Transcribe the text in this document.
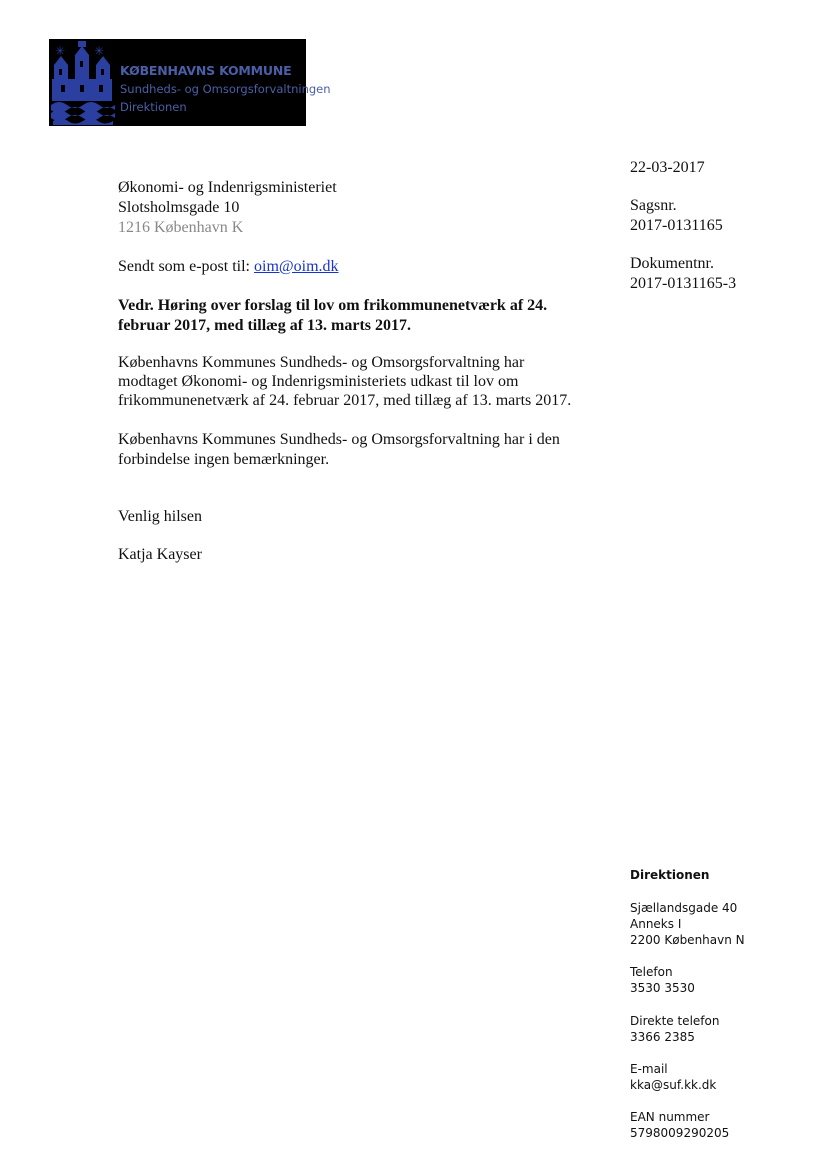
✳ ✳
KØBENHAVNS KOMMUNE
Sundheds- og Omsorgsforvaltningen
Direktionen
22-03-2017
Sagsnr.
2017-0131165
Dokumentnr.
2017-0131165-3
Økonomi- og Indenrigsministeriet
Slotsholmsgade 10
1216 København K
Sendt som e-post til: oim@oim.dk
Vedr. Høring over forslag til lov om frikommunenetværk af 24.
februar 2017, med tillæg af 13. marts 2017.
Københavns Kommunes Sundheds- og Omsorgsforvaltning har
modtaget Økonomi- og Indenrigsministeriets udkast til lov om
frikommunenetværk af 24. februar 2017, med tillæg af 13. marts 2017.
Københavns Kommunes Sundheds- og Omsorgsforvaltning har i den
forbindelse ingen bemærkninger.
Venlig hilsen
Katja Kayser
Direktionen
Sjællandsgade 40
Anneks I
2200 København N
Telefon
3530 3530
Direkte telefon
3366 2385
E-mail
kka@suf.kk.dk
EAN nummer
5798009290205
